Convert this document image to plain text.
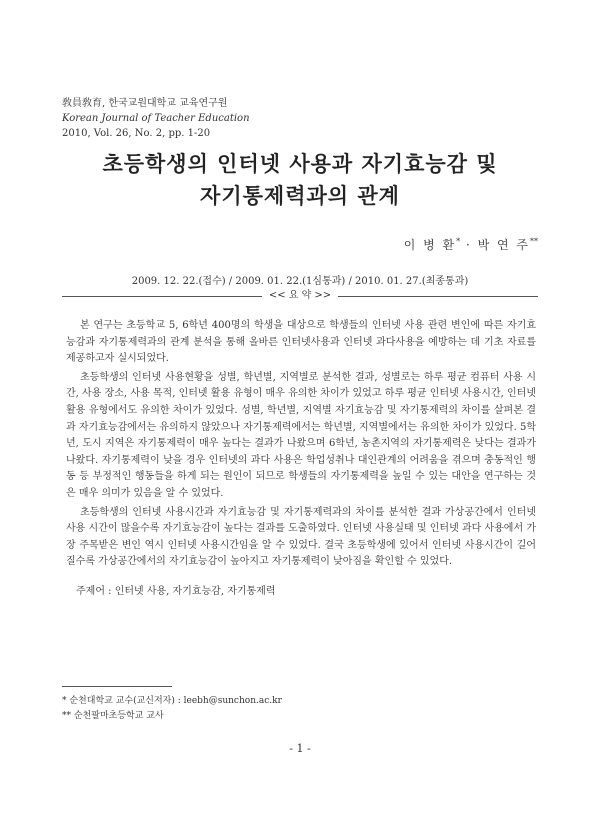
敎員敎育, 한국교원대학교 교육연구원
Korean Journal of Teacher Education
2010, Vol. 26, No. 2, pp. 1-20
초등학생의 인터넷 사용과 자기효능감 및
자기통제력과의 관계
이 병 환* · 박 연 주**
2009. 12. 22.(접수) / 2009. 01. 22.(1심통과) / 2010. 01. 27.(최종통과)
<< 요 약 >>

본 연구는 초등학교 5, 6학년 400명의 학생을 대상으로 학생들의 인터넷 사용 관련 변인에 따른 자기효능감과 자기통제력과의 관계 분석을 통해 올바른 인터넷사용과 인터넷 과다사용을 예방하는 데 기초 자료를 제공하고자 실시되었다.

초등학생의 인터넷 사용현황을 성별, 학년별, 지역별로 분석한 결과, 성별로는 하루 평균 컴퓨터 사용 시간, 사용 장소, 사용 목적, 인터넷 활용 유형이 매우 유의한 차이가 있었고 하루 평균 인터넷 사용시간, 인터넷 활용 유형에서도 유의한 차이가 있었다. 성별, 학년별, 지역별 자기효능감 및 자기통제력의 차이를 살펴본 결과 자기효능감에서는 유의하지 않았으나 자기통제력에서는 학년별, 지역별에서는 유의한 차이가 있었다. 5학년, 도시 지역은 자기통제력이 매우 높다는 결과가 나왔으며 6학년, 농촌지역의 자기통제력은 낮다는 결과가 나왔다. 자기통제력이 낮을 경우 인터넷의 과다 사용은 학업성취나 대인관계의 어려움을 겪으며 충동적인 행동 등 부정적인 행동들을 하게 되는 원인이 되므로 학생들의 자기통제력을 높일 수 있는 대안을 연구하는 것은 매우 의미가 있음을 알 수 있었다.

초등학생의 인터넷 사용시간과 자기효능감 및 자기통제력과의 차이를 분석한 결과 가상공간에서 인터넷 사용 시간이 많을수록 자기효능감이 높다는 결과를 도출하였다. 인터넷 사용실태 및 인터넷 과다 사용에서 가장 주목받은 변인 역시 인터넷 사용시간임을 알 수 있었다. 결국 초등학생에 있어서 인터넷 사용시간이 길어질수록 가상공간에서의 자기효능감이 높아지고 자기통제력이 낮아짐을 확인할 수 있었다.

주제어 : 인터넷 사용, 자기효능감, 자기통제력
* 순천대학교 교수(교신저자) : leebh@sunchon.ac.kr
** 순천팔마초등학교 교사
- 1 -
